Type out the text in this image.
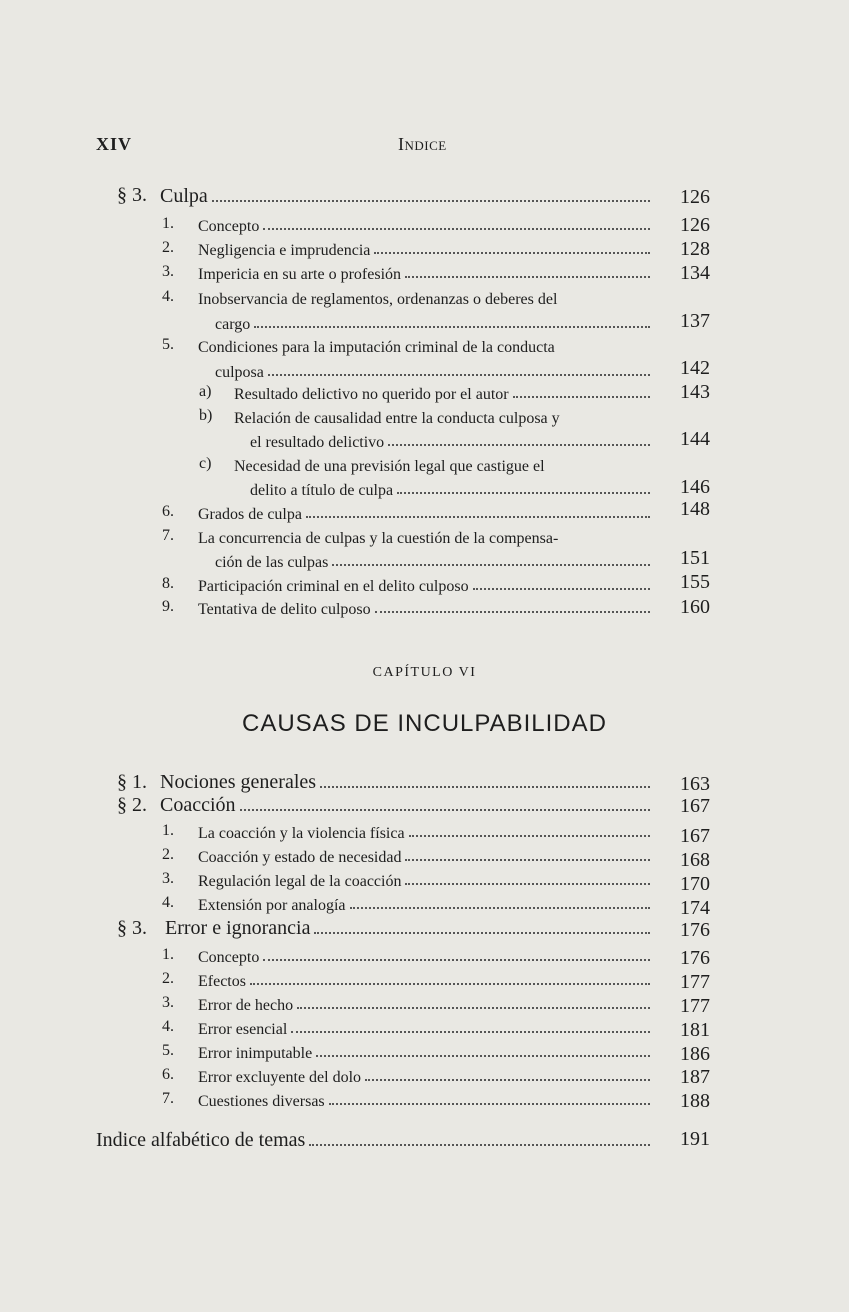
XIV	Indice
§ 3. Culpa	126
1. Concepto	126
2. Negligencia e imprudencia	128
3. Impericia en su arte o profesión	134
4. Inobservancia de reglamentos, ordenanzas o deberes del
cargo	137
5. Condiciones para la imputación criminal de la conducta
culposa	142
a) Resultado delictivo no querido por el autor	143
b) Relación de causalidad entre la conducta culposa y
el resultado delictivo	144
c) Necesidad de una previsión legal que castigue el
delito a título de culpa	146
6. Grados de culpa	148
7. La concurrencia de culpas y la cuestión de la compensa-
ción de las culpas	151
8. Participación criminal en el delito culposo	155
9. Tentativa de delito culposo	160
CAPÍTULO VI
CAUSAS DE INCULPABILIDAD
§ 1. Nociones generales	163
§ 2. Coacción	167
1. La coacción y la violencia física	167
2. Coacción y estado de necesidad	168
3. Regulación legal de la coacción	170
4. Extensión por analogía	174
§ 3. Error e ignorancia	176
1. Concepto	176
2. Efectos	177
3. Error de hecho	177
4. Error esencial	181
5. Error inimputable	186
6. Error excluyente del dolo	187
7. Cuestiones diversas	188
Indice alfabético de temas	191
